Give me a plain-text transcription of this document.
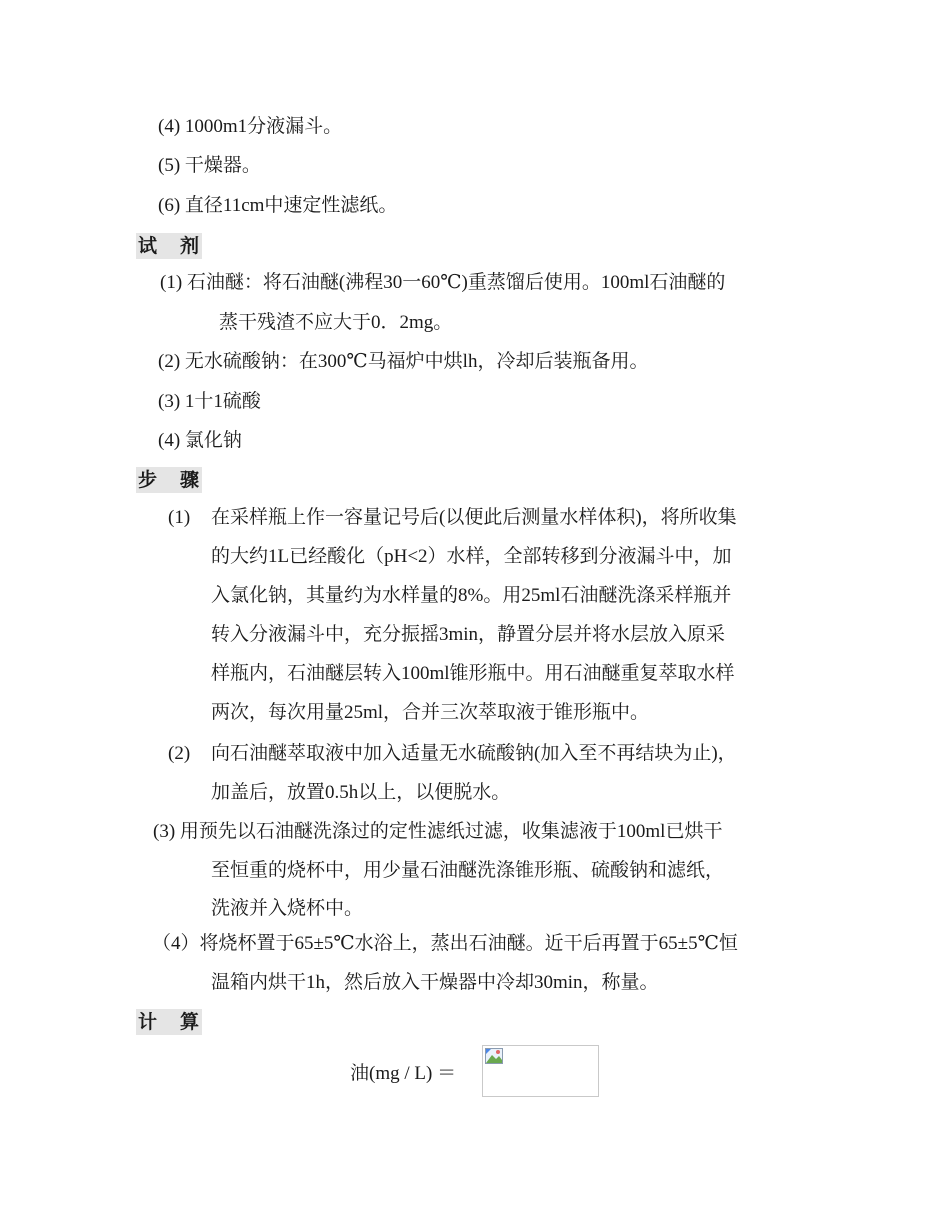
(4) 1000m1分液漏斗。
(5) 干燥器。
(6) 直径11cm中速定性滤纸。
试 剂
(1) 石油醚：将石油醚(沸程30一60℃)重蒸馏后使用。100ml石油醚的
蒸干残渣不应大于0．2mg。
(2) 无水硫酸钠：在300℃马福炉中烘lh，冷却后装瓶备用。
(3) 1十1硫酸
(4) 氯化钠
步 骤
(1) 在采样瓶上作一容量记号后(以便此后测量水样体积)，将所收集
的大约1L已经酸化（pH<2）水样，全部转移到分液漏斗中，加
入氯化钠，其量约为水样量的8%。用25ml石油醚洗涤采样瓶并
转入分液漏斗中，充分振摇3min，静置分层并将水层放入原采
样瓶内，石油醚层转入100ml锥形瓶中。用石油醚重复萃取水样
两次，每次用量25ml，合并三次萃取液于锥形瓶中。
(2) 向石油醚萃取液中加入适量无水硫酸钠(加入至不再结块为止)，
加盖后，放置0.5h以上，以便脱水。
(3) 用预先以石油醚洗涤过的定性滤纸过滤，收集滤液于100ml已烘干
至恒重的烧杯中，用少量石油醚洗涤锥形瓶、硫酸钠和滤纸，
洗液并入烧杯中。
（4）将烧杯置于65±5℃水浴上，蒸出石油醚。近干后再置于65±5℃恒
温箱内烘干1h，然后放入干燥器中冷却30min，称量。
计 算
油(mg / L) ＝
